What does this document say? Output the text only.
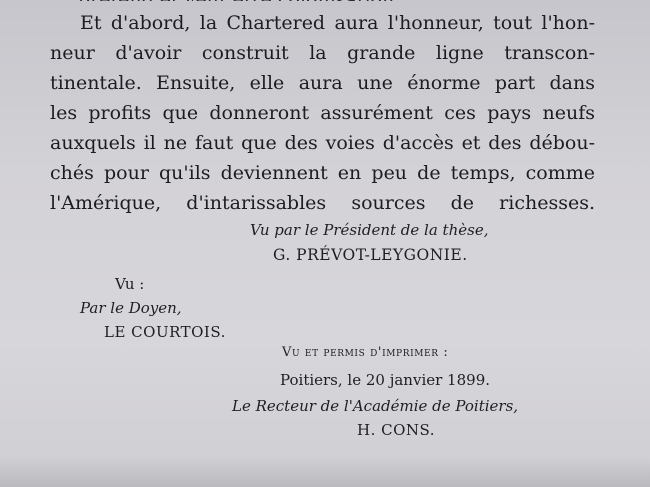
Et d'abord, la Chartered aura l'honneur, tout l'hon-
neur d'avoir construit la grande ligne transcon-
tinentale. Ensuite, elle aura une énorme part dans
les profits que donneront assurément ces pays neufs
auxquels il ne faut que des voies d'accès et des débou-
chés pour qu'ils deviennent en peu de temps, comme
l'Amérique, d'intarissables sources de richesses.
Vu par le Président de la thèse,
G. PRÉVOT-LEYGONIE.
Vu :
Par le Doyen,
LE COURTOIS.
Vu et permis d'imprimer :
Poitiers, le 20 janvier 1899.
Le Recteur de l'Académie de Poitiers,
H. CONS.
